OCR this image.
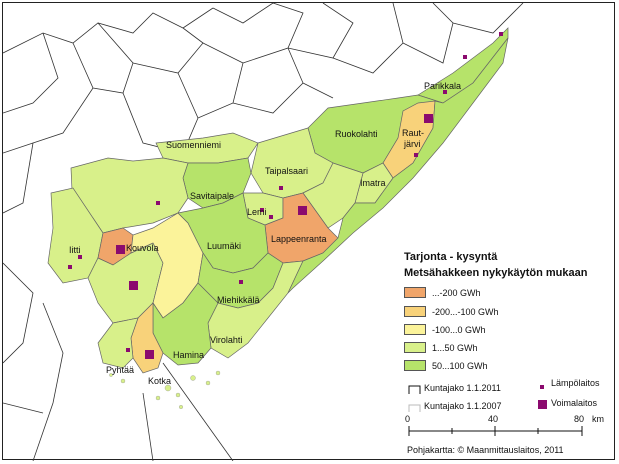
Parikkala
Raut-
järvi
Ruokolahti
Suomenniemi
Taipalsaari
Imatra
Savitaipale
Lemi
Iitti	Kouvola	Luumäki
Lappeenranta
Miehikkälä
Virolahti
Hamina
Pyhtää
Kotka
Tarjonta - kysyntä
Metsähakkeen nykykäytön mukaan
...-200 GWh
-200...-100 GWh
-100...0 GWh
1...50 GWh
50...100 GWh
Kuntajako 1.1.2011
Kuntajako 1.1.2007
Lämpölaitos
Voimalaitos
0	40	80 km
Pohjakartta: © Maanmittauslaitos, 2011
